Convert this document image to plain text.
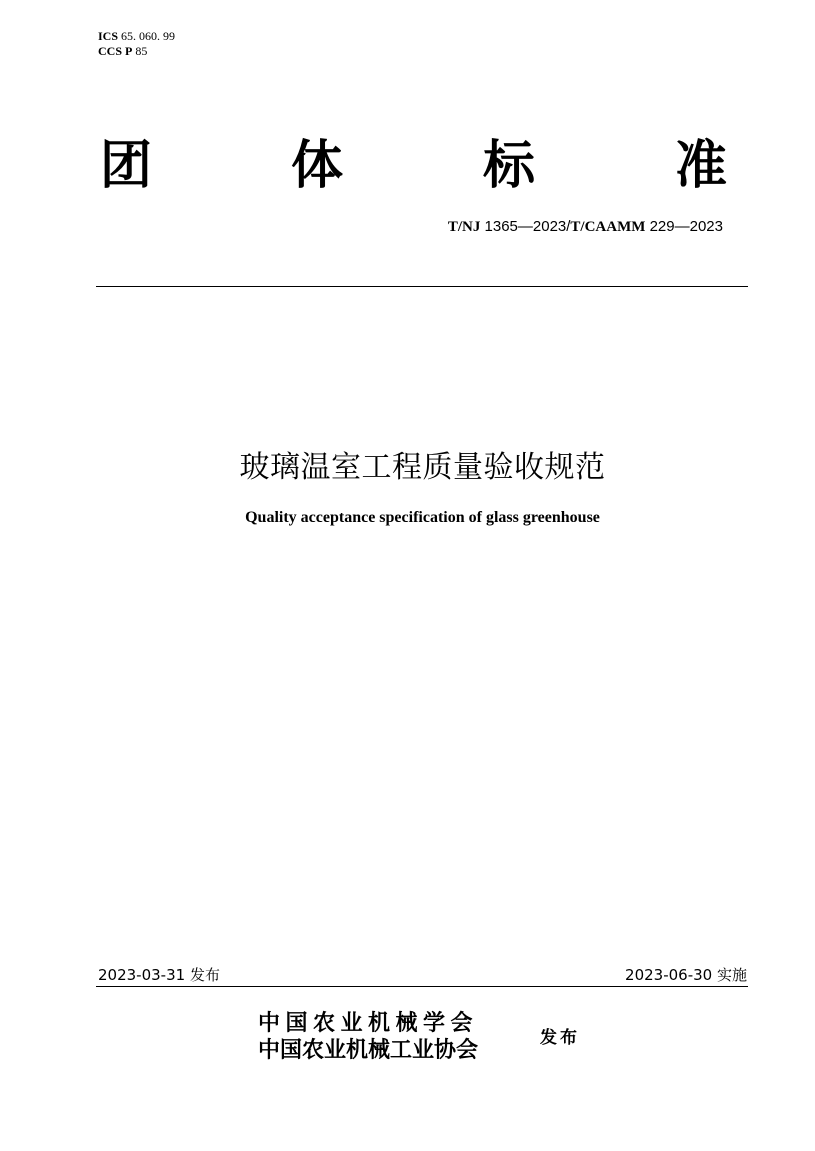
ICS 65. 060. 99
CCS P 85
团	体	标	准
T/NJ 1365—2023/T/CAAMM 229—2023
玻璃温室工程质量验收规范
Quality acceptance specification of glass greenhouse
2023-03-31 发布	2023-06-30 实施
中国农业机械学会
中国农业机械工业协会	发布
